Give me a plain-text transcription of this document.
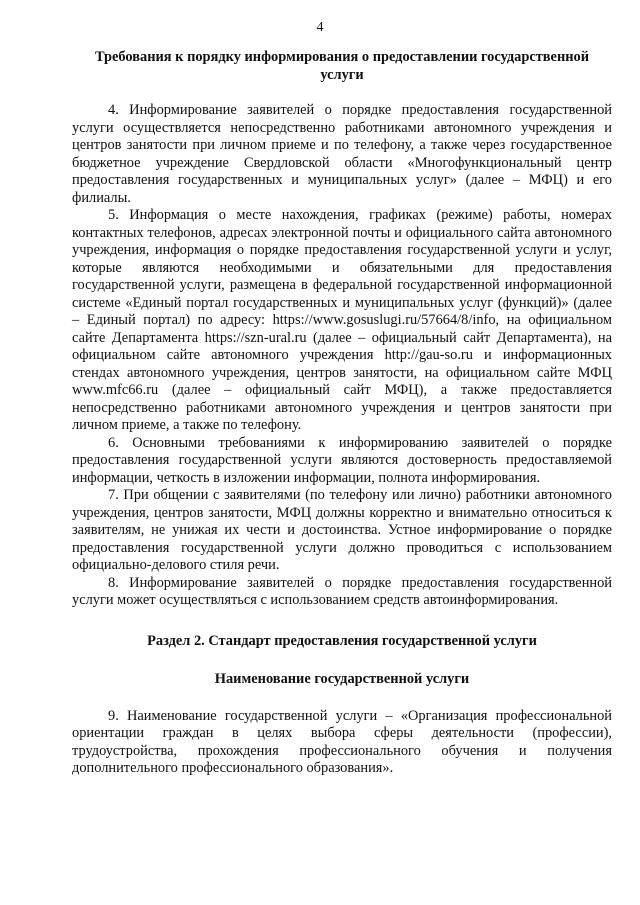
4

Требования к порядку информирования о предоставлении государственной услуги

4. Информирование заявителей о порядке предоставления государственной услуги осуществляется непосредственно работниками автономного учреждения и центров занятости при личном приеме и по телефону, а также через государственное бюджетное учреждение Свердловской области «Многофункциональный центр предоставления государственных и муниципальных услуг» (далее – МФЦ) и его филиалы.

5. Информация о месте нахождения, графиках (режиме) работы, номерах контактных телефонов, адресах электронной почты и официального сайта автономного учреждения, информация о порядке предоставления государственной услуги и услуг, которые являются необходимыми и обязательными для предоставления государственной услуги, размещена в федеральной государственной информационной системе «Единый портал государственных и муниципальных услуг (функций)» (далее – Единый портал) по адресу: https://www.gosuslugi.ru/57664/8/info, на официальном сайте Департамента https://szn-ural.ru (далее – официальный сайт Департамента), на официальном сайте автономного учреждения http://gau-so.ru и информационных стендах автономного учреждения, центров занятости, на официальном сайте МФЦ www.mfc66.ru (далее – официальный сайт МФЦ), а также предоставляется непосредственно работниками автономного учреждения и центров занятости при личном приеме, а также по телефону.

6. Основными требованиями к информированию заявителей о порядке предоставления государственной услуги являются достоверность предоставляемой информации, четкость в изложении информации, полнота информирования.

7. При общении с заявителями (по телефону или лично) работники автономного учреждения, центров занятости, МФЦ должны корректно и внимательно относиться к заявителям, не унижая их чести и достоинства. Устное информирование о порядке предоставления государственной услуги должно проводиться с использованием официально-делового стиля речи.

8. Информирование заявителей о порядке предоставления государственной услуги может осуществляться с использованием средств автоинформирования.

Раздел 2. Стандарт предоставления государственной услуги

Наименование государственной услуги

9. Наименование государственной услуги – «Организация профессиональной ориентации граждан в целях выбора сферы деятельности (профессии), трудоустройства, прохождения профессионального обучения и получения дополнительного профессионального образования».
